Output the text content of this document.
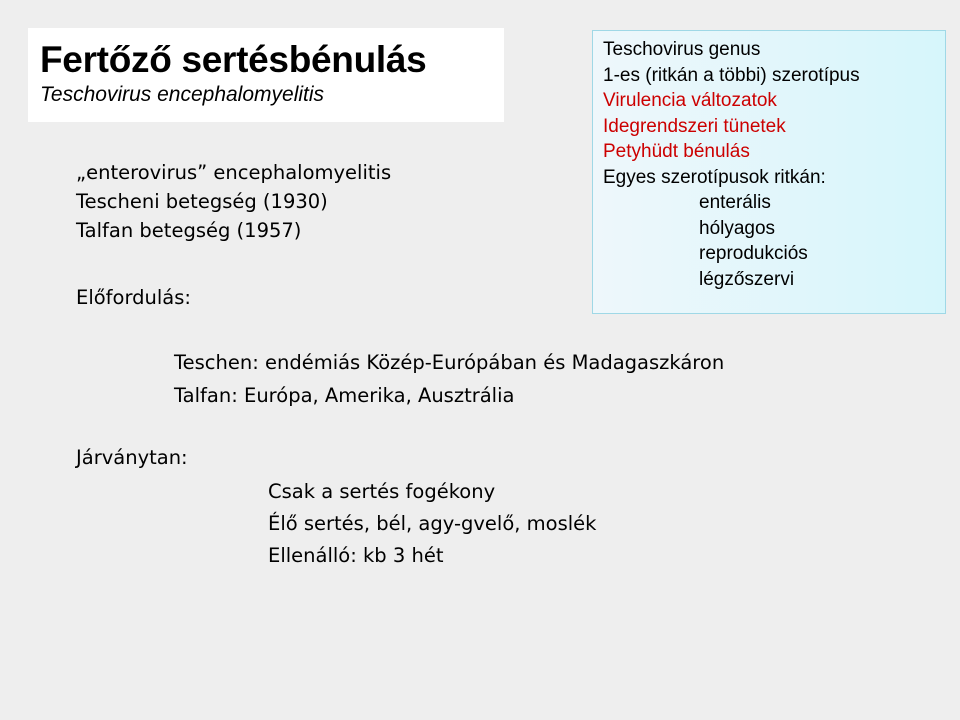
Fertőző sertésbénulás
Teschovirus encephalomyelitis
„enterovirus” encephalomyelitis
Tescheni betegség (1930)
Talfan betegség (1957)
Előfordulás:
Teschovirus genus
1-es (ritkán a többi) szerotípus
Virulencia változatok
Idegrendszeri tünetek
Petyhüdt bénulás
Egyes szerotípusok ritkán:
enterális
hólyagos
reprodukciós
légzőszervi
Teschen: endémiás Közép-Európában és Madagaszkáron
Talfan: Európa, Amerika, Ausztrália
Járványtan:
Csak a sertés fogékony
Élő sertés, bél, agy-gvelő, moslék
Ellenálló: kb 3 hét
